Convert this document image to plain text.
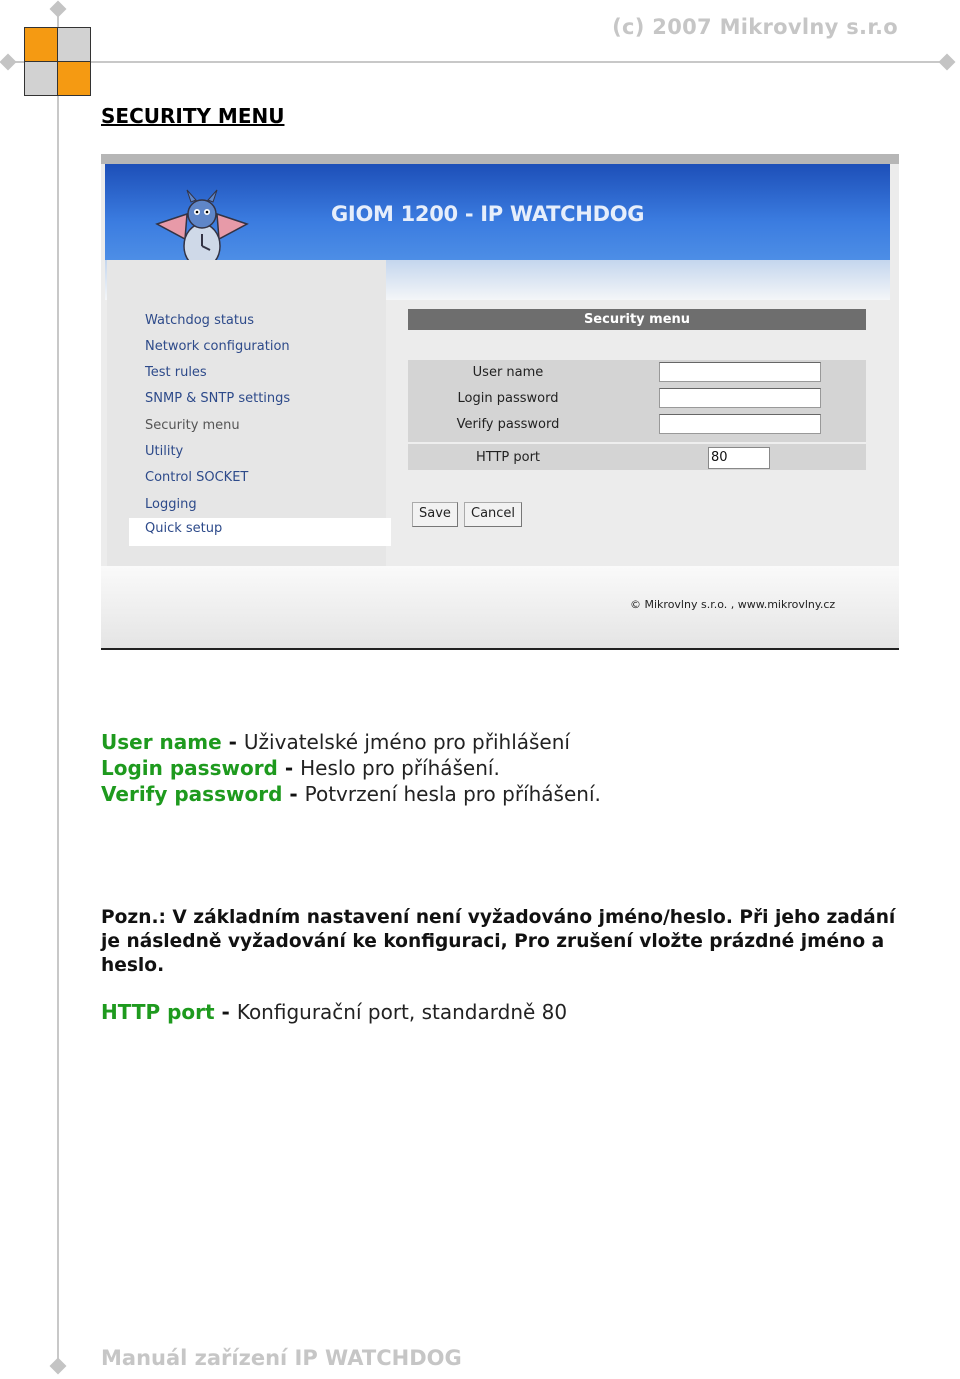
(c) 2007 Mikrovlny s.r.o
SECURITY MENU
GIOM 1200 - IP WATCHDOG
Watchdog status
Network configuration
Test rules
SNMP & SNTP settings
Security menu
Utility
Control SOCKET
Logging
Quick setup
Security menu
User name
Login password
Verify password
HTTP port	80
Save	Cancel
© Mikrovlny s.r.o. , www.mikrovlny.cz
User name - Uživatelské jméno pro přihlášení
Login password - Heslo pro příhášení.
Verify password - Potvrzení hesla pro příhášení.
Pozn.: V základním nastavení není vyžadováno jméno/heslo. Při jeho zadání je následně vyžadování ke konfiguraci, Pro zrušení vložte prázdné jméno a heslo.
HTTP port - Konfigurační port, standardně 80
Manuál zařízení IP WATCHDOG
